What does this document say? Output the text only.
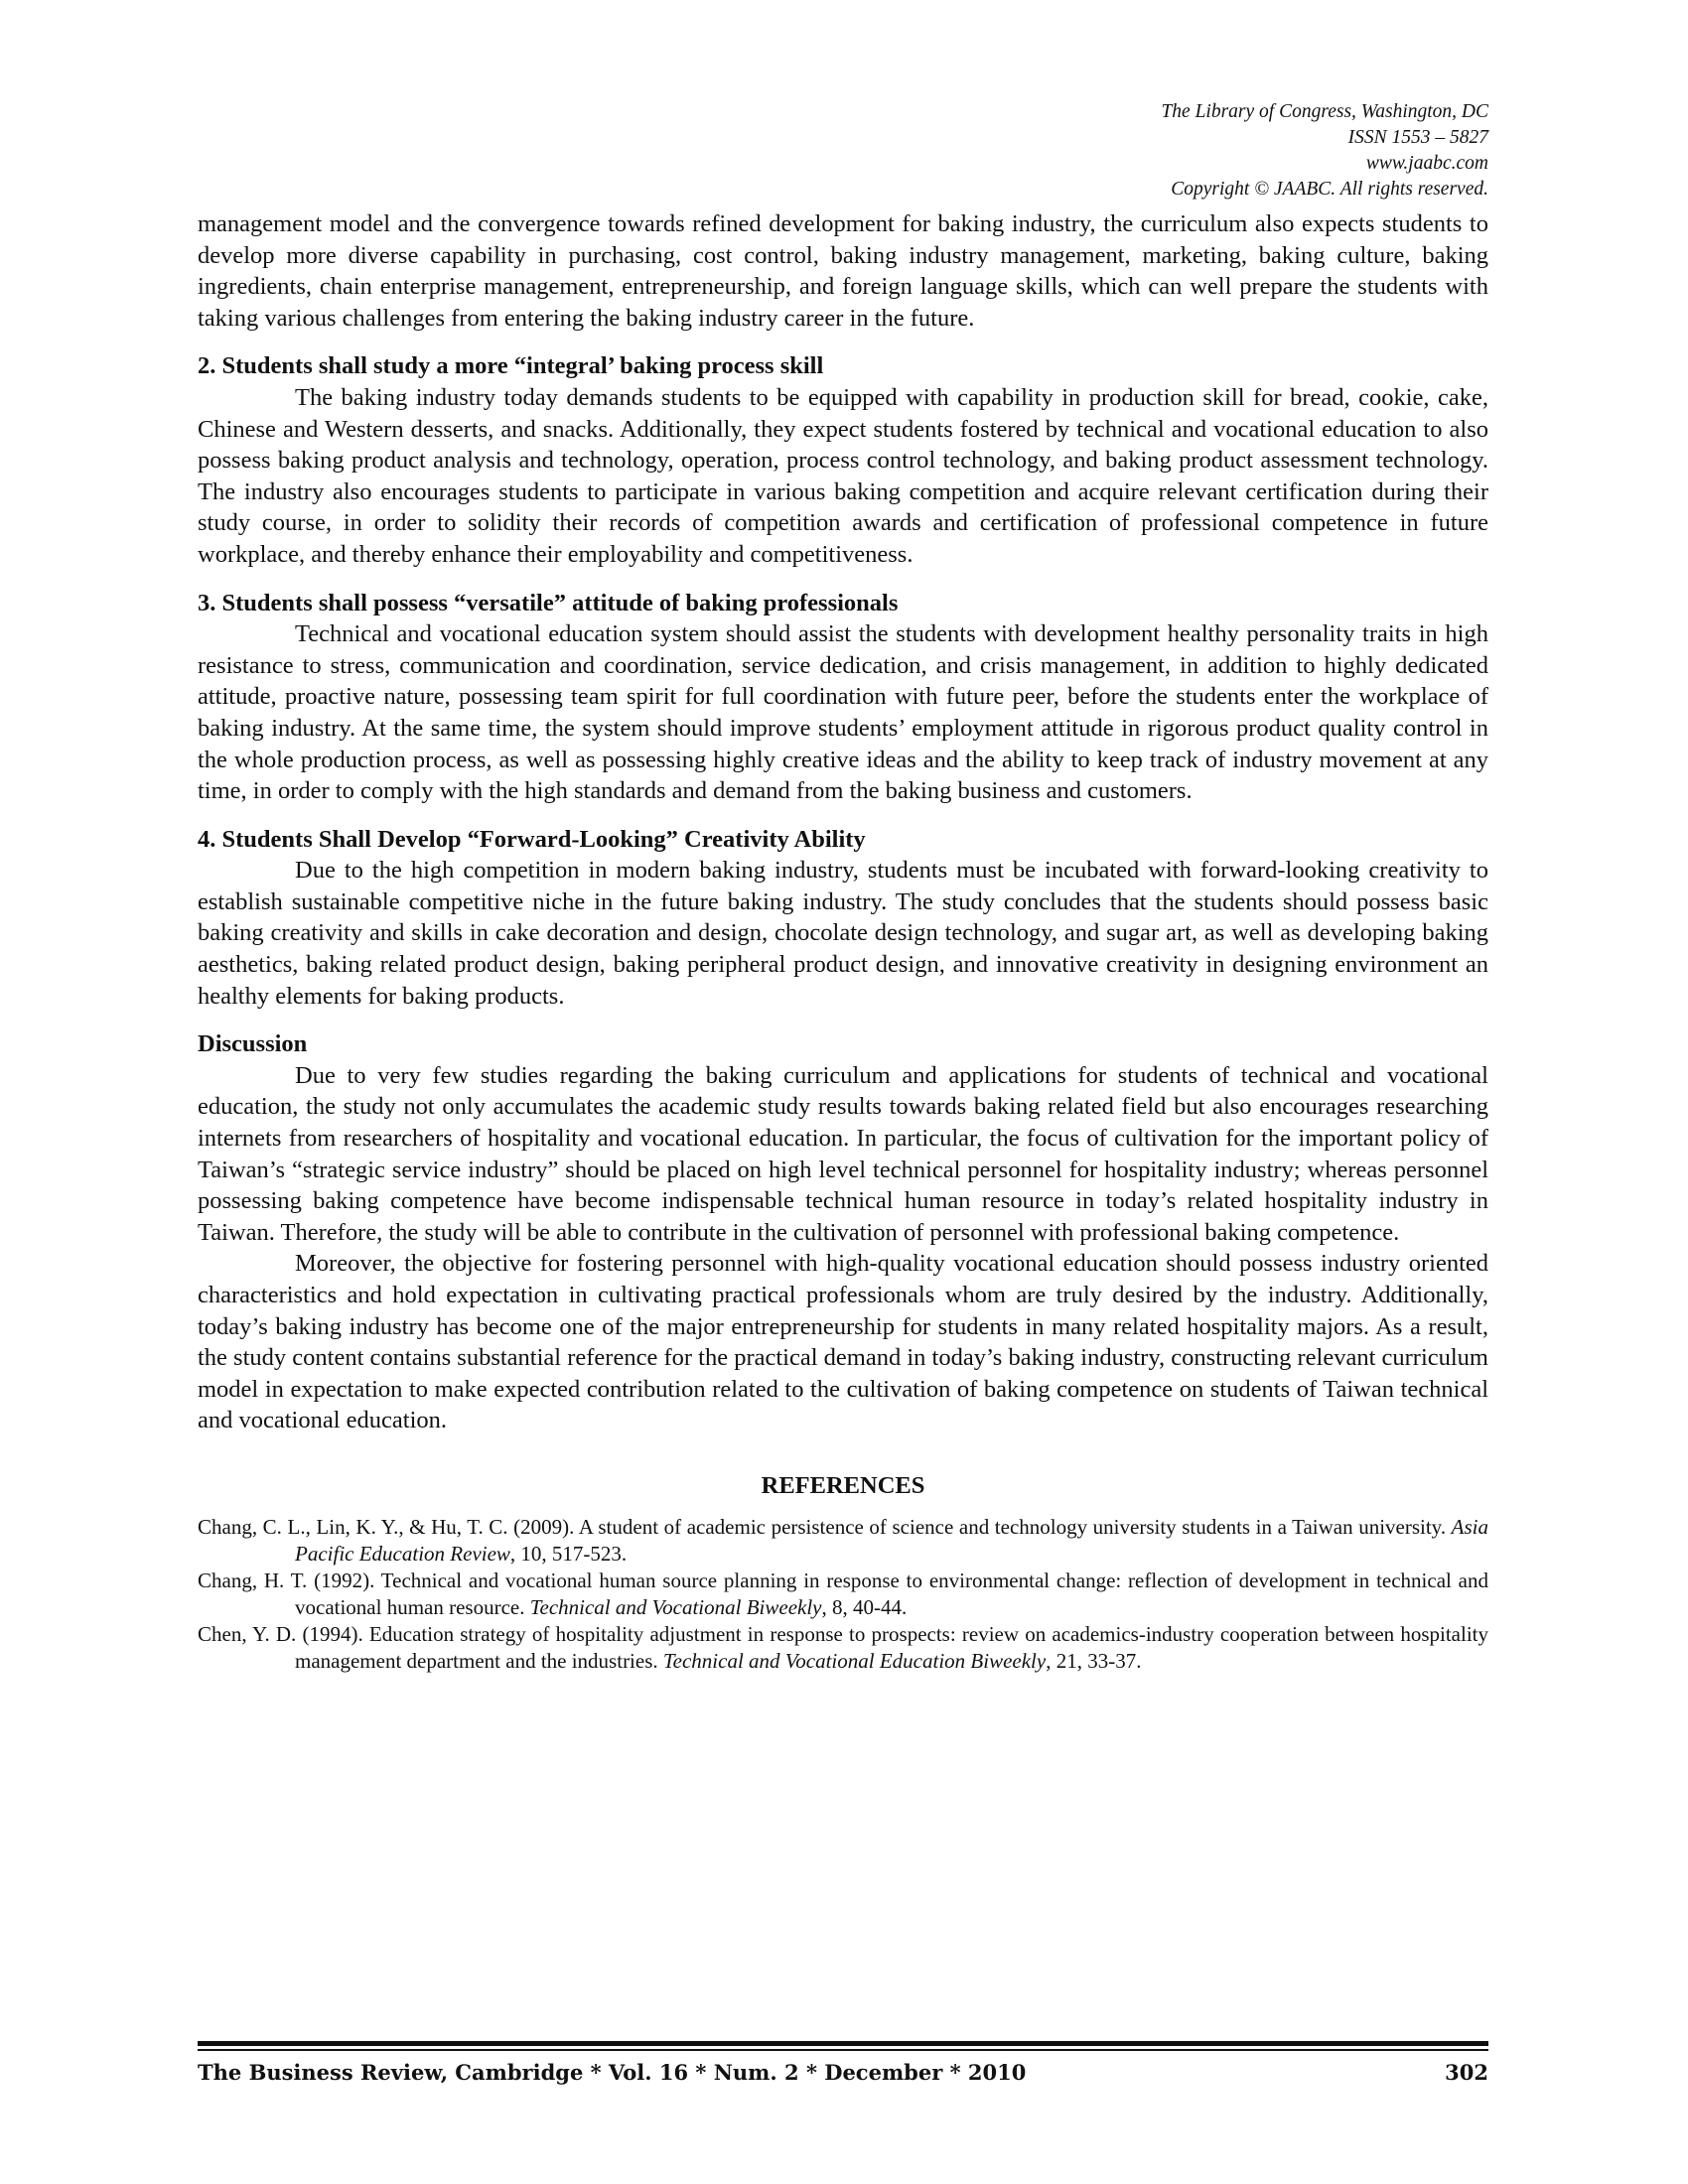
The Library of Congress, Washington, DC
ISSN 1553 – 5827
www.jaabc.com
Copyright © JAABC. All rights reserved.

management model and the convergence towards refined development for baking industry, the curriculum also expects students to develop more diverse capability in purchasing, cost control, baking industry management, marketing, baking culture, baking ingredients, chain enterprise management, entrepreneurship, and foreign language skills, which can well prepare the students with taking various challenges from entering the baking industry career in the future.

2. Students shall study a more “integral’ baking process skill

The baking industry today demands students to be equipped with capability in production skill for bread, cookie, cake, Chinese and Western desserts, and snacks. Additionally, they expect students fostered by technical and vocational education to also possess baking product analysis and technology, operation, process control technology, and baking product assessment technology. The industry also encourages students to participate in various baking competition and acquire relevant certification during their study course, in order to solidity their records of competition awards and certification of professional competence in future workplace, and thereby enhance their employability and competitiveness.

3. Students shall possess “versatile” attitude of baking professionals

Technical and vocational education system should assist the students with development healthy personality traits in high resistance to stress, communication and coordination, service dedication, and crisis management, in addition to highly dedicated attitude, proactive nature, possessing team spirit for full coordination with future peer, before the students enter the workplace of baking industry. At the same time, the system should improve students’ employment attitude in rigorous product quality control in the whole production process, as well as possessing highly creative ideas and the ability to keep track of industry movement at any time, in order to comply with the high standards and demand from the baking business and customers.

4. Students Shall Develop “Forward-Looking” Creativity Ability

Due to the high competition in modern baking industry, students must be incubated with forward-looking creativity to establish sustainable competitive niche in the future baking industry. The study concludes that the students should possess basic baking creativity and skills in cake decoration and design, chocolate design technology, and sugar art, as well as developing baking aesthetics, baking related product design, baking peripheral product design, and innovative creativity in designing environment an healthy elements for baking products.

Discussion

Due to very few studies regarding the baking curriculum and applications for students of technical and vocational education, the study not only accumulates the academic study results towards baking related field but also encourages researching internets from researchers of hospitality and vocational education. In particular, the focus of cultivation for the important policy of Taiwan’s “strategic service industry” should be placed on high level technical personnel for hospitality industry; whereas personnel possessing baking competence have become indispensable technical human resource in today’s related hospitality industry in Taiwan. Therefore, the study will be able to contribute in the cultivation of personnel with professional baking competence.

Moreover, the objective for fostering personnel with high-quality vocational education should possess industry oriented characteristics and hold expectation in cultivating practical professionals whom are truly desired by the industry. Additionally, today’s baking industry has become one of the major entrepreneurship for students in many related hospitality majors. As a result, the study content contains substantial reference for the practical demand in today’s baking industry, constructing relevant curriculum model in expectation to make expected contribution related to the cultivation of baking competence on students of Taiwan technical and vocational education.

REFERENCES

Chang, C. L., Lin, K. Y., & Hu, T. C. (2009). A student of academic persistence of science and technology university students in a Taiwan university. Asia Pacific Education Review, 10, 517-523.

Chang, H. T. (1992). Technical and vocational human source planning in response to environmental change: reflection of development in technical and vocational human resource. Technical and Vocational Biweekly, 8, 40-44.

Chen, Y. D. (1994). Education strategy of hospitality adjustment in response to prospects: review on academics-industry cooperation between hospitality management department and the industries. Technical and Vocational Education Biweekly, 21, 33-37.

The Business Review, Cambridge * Vol. 16 * Num. 2 * December * 2010	302
